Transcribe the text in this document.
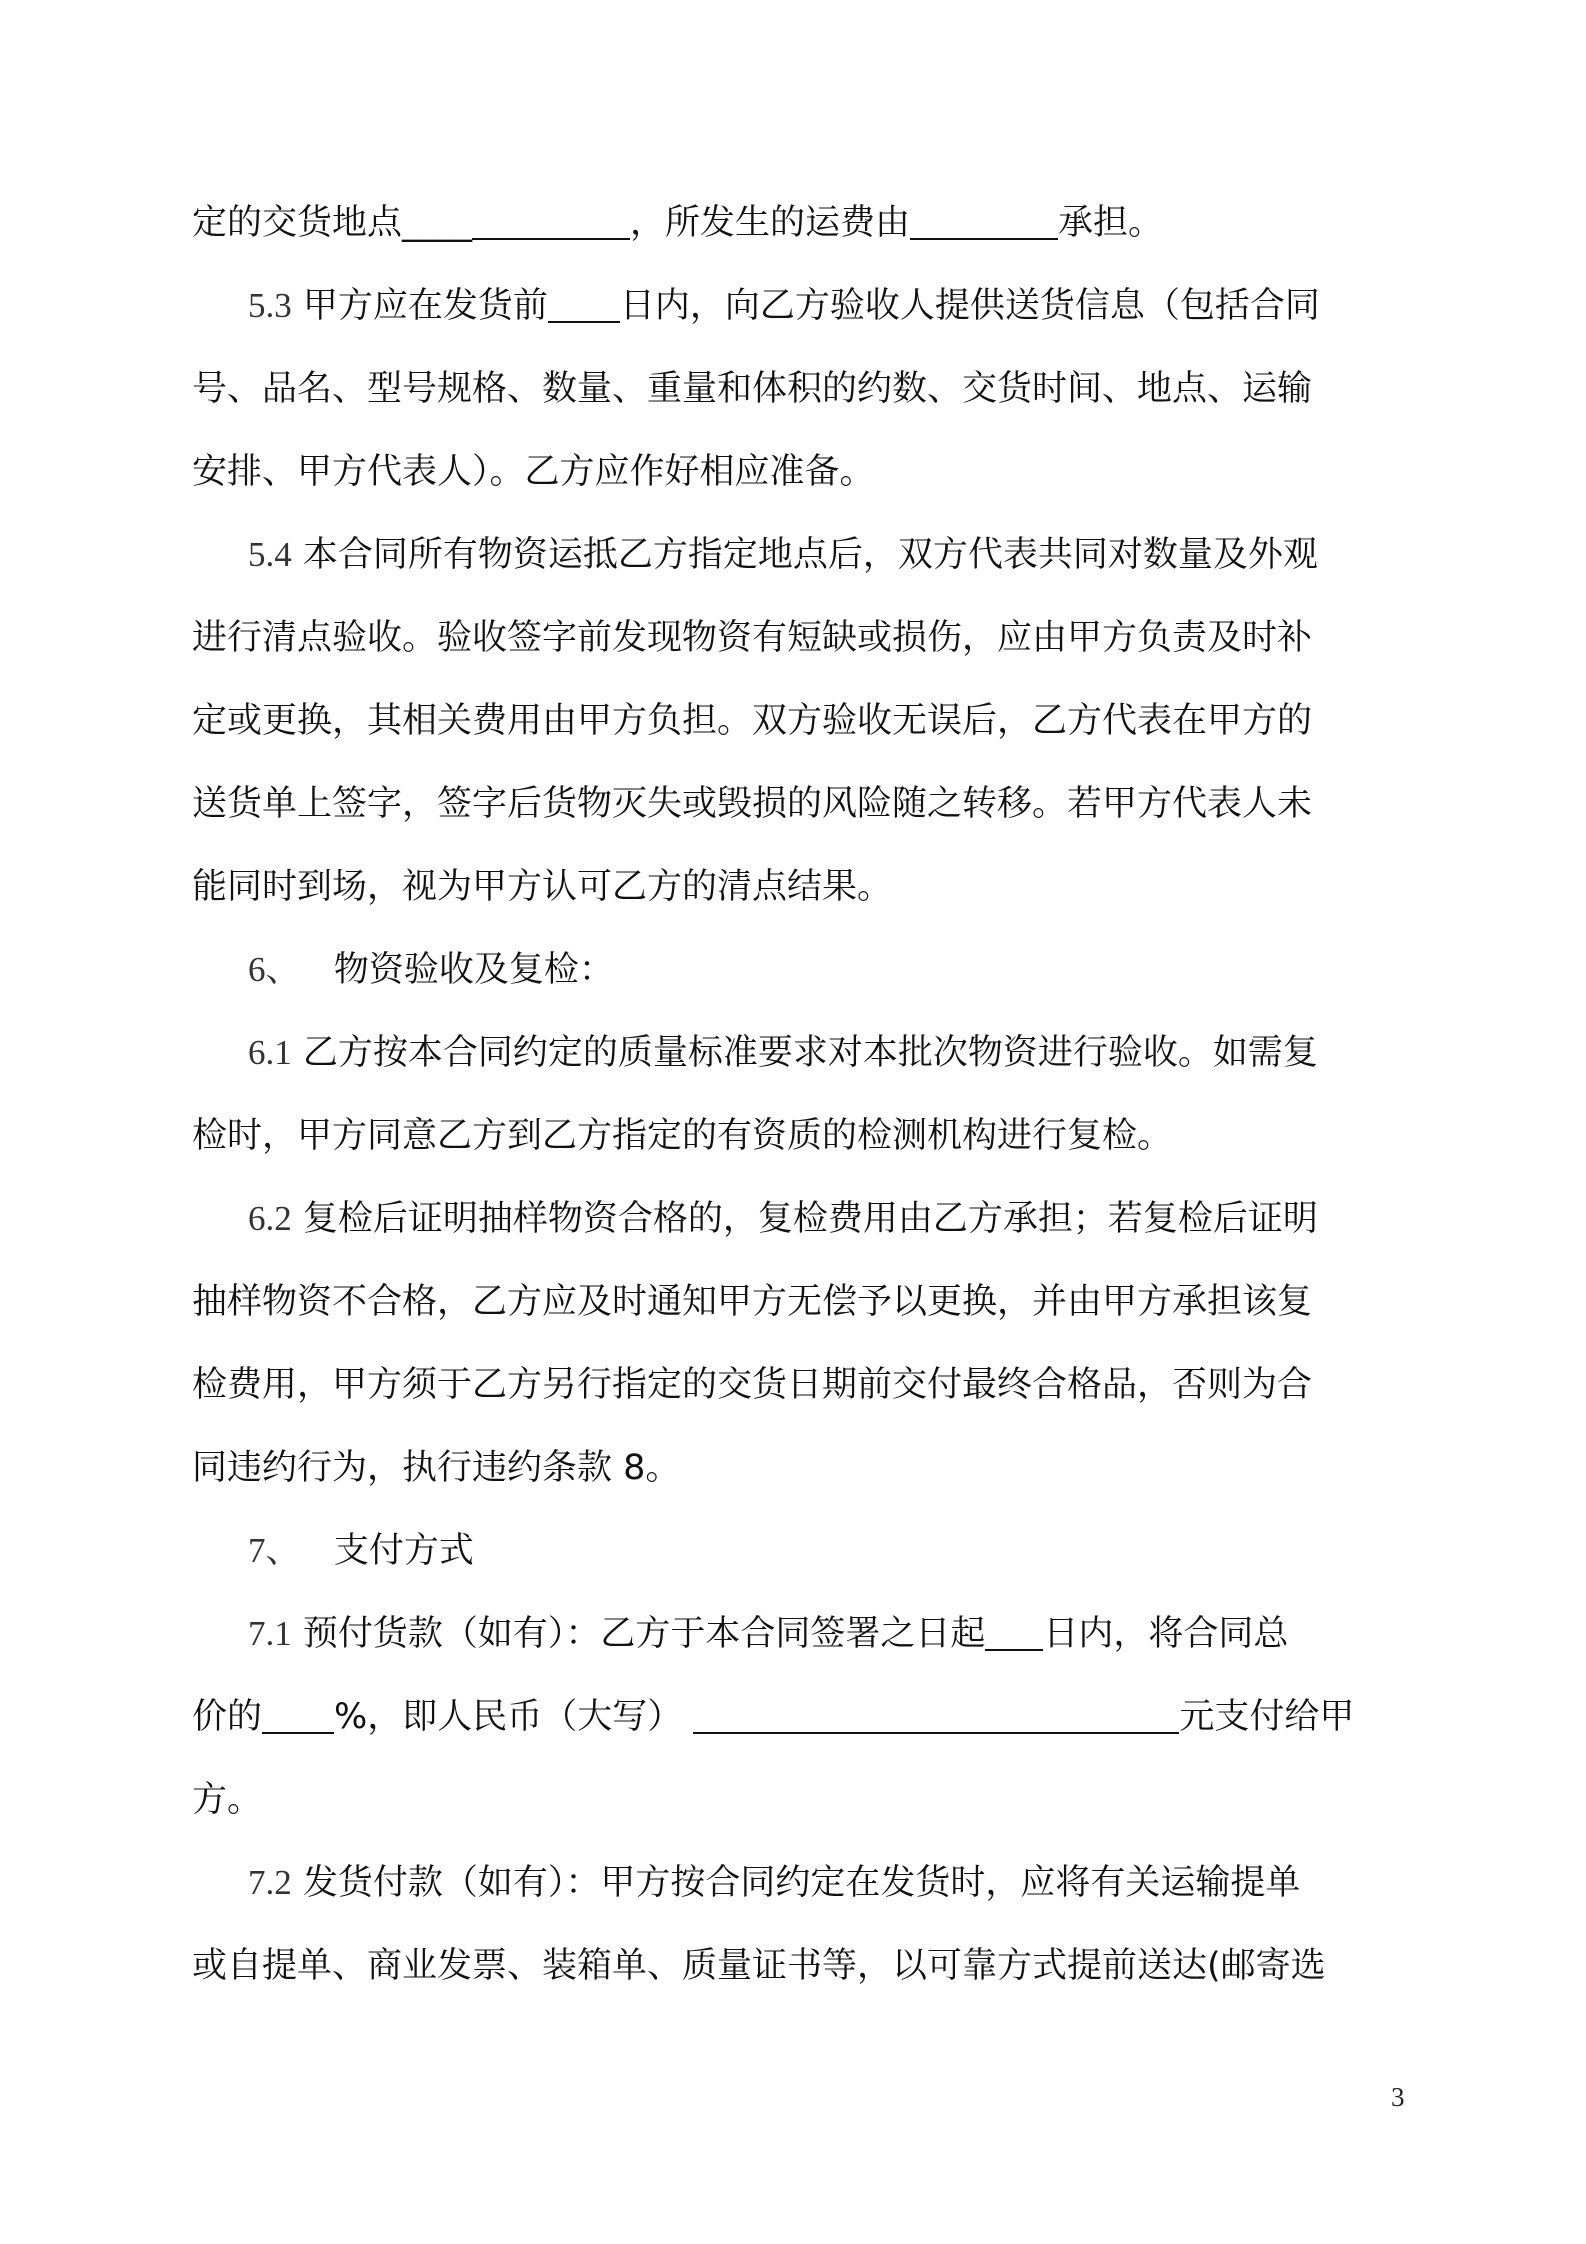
定的交货地点____	，所发生的运费由	承担。
5.3 甲方应在发货前 日内，向乙方验收人提供送货信息（包括合同
号、品名、型号规格、数量、重量和体积的约数、交货时间、地点、运输
安排、甲方代表人）。乙方应作好相应准备。
5.4 本合同所有物资运抵乙方指定地点后，双方代表共同对数量及外观
进行清点验收。验收签字前发现物资有短缺或损伤，应由甲方负责及时补
定或更换，其相关费用由甲方负担。双方验收无误后，乙方代表在甲方的
送货单上签字，签字后货物灭失或毁损的风险随之转移。若甲方代表人未
能同时到场，视为甲方认可乙方的清点结果。
6、 物资验收及复检：
6.1 乙方按本合同约定的质量标准要求对本批次物资进行验收。如需复
检时，甲方同意乙方到乙方指定的有资质的检测机构进行复检。
6.2 复检后证明抽样物资合格的，复检费用由乙方承担；若复检后证明
抽样物资不合格，乙方应及时通知甲方无偿予以更换，并由甲方承担该复
检费用，甲方须于乙方另行指定的交货日期前交付最终合格品，否则为合
同违约行为，执行违约条款 8。
7、 支付方式
7.1 预付货款（如有）：乙方于本合同签署之日起 日内，将合同总
价的 %，即人民币（大写）	元支付给甲
方。
7.2 发货付款（如有）：甲方按合同约定在发货时，应将有关运输提单
或自提单、商业发票、装箱单、质量证书等，以可靠方式提前送达(邮寄选
3
